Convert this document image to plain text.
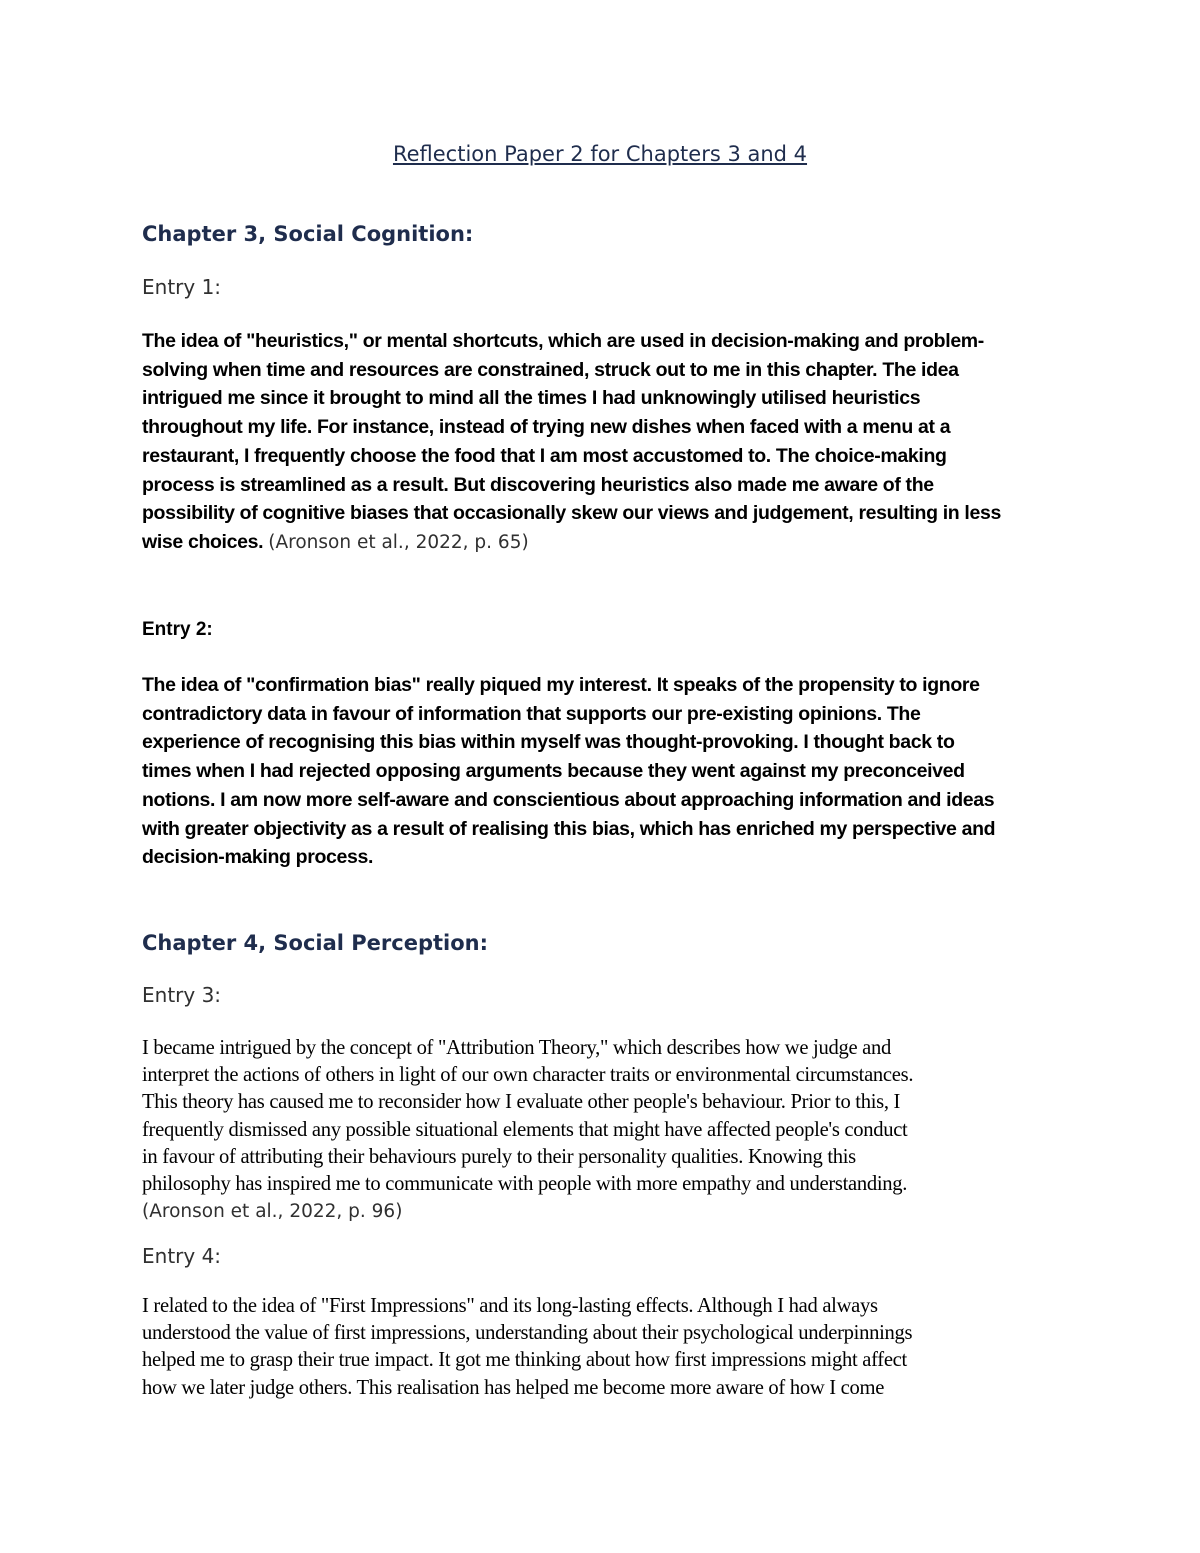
Reflection Paper 2 for Chapters 3 and 4
Chapter 3, Social Cognition:
Entry 1:
The idea of "heuristics," or mental shortcuts, which are used in decision-making and problem-
solving when time and resources are constrained, struck out to me in this chapter. The idea
intrigued me since it brought to mind all the times I had unknowingly utilised heuristics
throughout my life. For instance, instead of trying new dishes when faced with a menu at a
restaurant, I frequently choose the food that I am most accustomed to. The choice-making
process is streamlined as a result. But discovering heuristics also made me aware of the
possibility of cognitive biases that occasionally skew our views and judgement, resulting in less
wise choices. (Aronson et al., 2022, p. 65)
Entry 2:
The idea of "confirmation bias" really piqued my interest. It speaks of the propensity to ignore
contradictory data in favour of information that supports our pre-existing opinions. The
experience of recognising this bias within myself was thought-provoking. I thought back to
times when I had rejected opposing arguments because they went against my preconceived
notions. I am now more self-aware and conscientious about approaching information and ideas
with greater objectivity as a result of realising this bias, which has enriched my perspective and
decision-making process.
Chapter 4, Social Perception:
Entry 3:
I became intrigued by the concept of "Attribution Theory," which describes how we judge and
interpret the actions of others in light of our own character traits or environmental circumstances.
This theory has caused me to reconsider how I evaluate other people's behaviour. Prior to this, I
frequently dismissed any possible situational elements that might have affected people's conduct
in favour of attributing their behaviours purely to their personality qualities. Knowing this
philosophy has inspired me to communicate with people with more empathy and understanding.
(Aronson et al., 2022, p. 96)
Entry 4:
I related to the idea of "First Impressions" and its long-lasting effects. Although I had always
understood the value of first impressions, understanding about their psychological underpinnings
helped me to grasp their true impact. It got me thinking about how first impressions might affect
how we later judge others. This realisation has helped me become more aware of how I come
